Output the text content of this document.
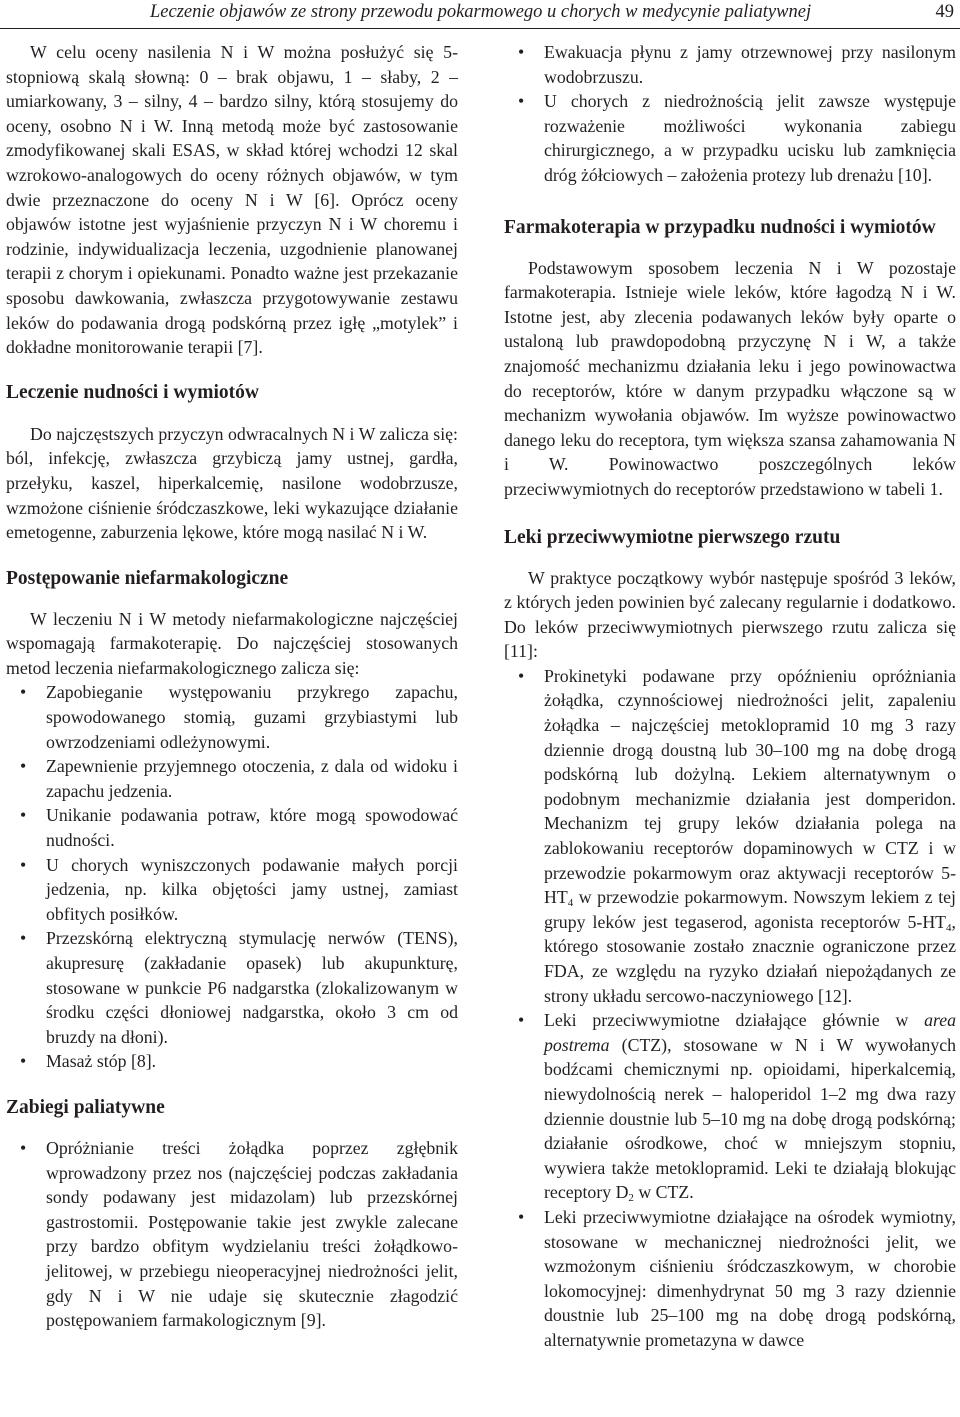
Leczenie objawów ze strony przewodu pokarmowego u chorych w medycynie paliatywnej	49

W celu oceny nasilenia N i W można posłużyć się 5-stopniową skalą słowną: 0 – brak objawu, 1 – słaby, 2 – umiarkowany, 3 – silny, 4 – bardzo silny, którą stosujemy do oceny, osobno N i W. Inną metodą może być zastosowanie zmodyfikowanej skali ESAS, w skład której wchodzi 12 skal wzrokowo-analogowych do oceny różnych objawów, w tym dwie przeznaczone do oceny N i W [6]. Oprócz oceny objawów istotne jest wyjaśnienie przyczyn N i W choremu i rodzinie, indywidualizacja leczenia, uzgodnienie planowanej terapii z chorym i opiekunami. Ponadto ważne jest przekazanie sposobu dawkowania, zwłaszcza przygotowywanie zestawu leków do podawania drogą podskórną przez igłę „motylek” i dokładne monitorowanie terapii [7].

Leczenie nudności i wymiotów

Do najczęstszych przyczyn odwracalnych N i W zalicza się: ból, infekcję, zwłaszcza grzybiczą jamy ustnej, gardła, przełyku, kaszel, hiperkalcemię, nasilone wodobrzusze, wzmożone ciśnienie śródczaszkowe, leki wykazujące działanie emetogenne, zaburzenia lękowe, które mogą nasilać N i W.

Postępowanie niefarmakologiczne

W leczeniu N i W metody niefarmakologiczne najczęściej wspomagają farmakoterapię. Do najczęściej stosowanych metod leczenia niefarmakologicznego zalicza się:

• Zapobieganie występowaniu przykrego zapachu, spowodowanego stomią, guzami grzybiastymi lub owrzodzeniami odleżynowymi.
• Zapewnienie przyjemnego otoczenia, z dala od widoku i zapachu jedzenia.
• Unikanie podawania potraw, które mogą spowodować nudności.
• U chorych wyniszczonych podawanie małych porcji jedzenia, np. kilka objętości jamy ustnej, zamiast obfitych posiłków.
• Przezskórną elektryczną stymulację nerwów (TENS), akupresurę (zakładanie opasek) lub akupunkturę, stosowane w punkcie P6 nadgarstka (zlokalizowanym w środku części dłoniowej nadgarstka, około 3 cm od bruzdy na dłoni).
• Masaż stóp [8].
Zabiegi paliatywne
• Opróżnianie treści żołądka poprzez zgłębnik wprowadzony przez nos (najczęściej podczas zakładania sondy podawany jest midazolam) lub przezskórnej gastrostomii. Postępowanie takie jest zwykle zalecane przy bardzo obfitym wydzielaniu treści żołądkowo-jelitowej, w przebiegu nieoperacyjnej niedrożności jelit, gdy N i W nie udaje się skutecznie złagodzić postępowaniem farmakologicznym [9].
• Ewakuacja płynu z jamy otrzewnowej przy nasilonym wodobrzuszu.
• U chorych z niedrożnością jelit zawsze występuje rozważenie możliwości wykonania zabiegu chirurgicznego, a w przypadku ucisku lub zamknięcia dróg żółciowych – założenia protezy lub drenażu [10].
Farmakoterapia w przypadku nudności i wymiotów

Podstawowym sposobem leczenia N i W pozostaje farmakoterapia. Istnieje wiele leków, które łagodzą N i W. Istotne jest, aby zlecenia podawanych leków były oparte o ustaloną lub prawdopodobną przyczynę N i W, a także znajomość mechanizmu działania leku i jego powinowactwa do receptorów, które w danym przypadku włączone są w mechanizm wywołania objawów. Im wyższe powinowactwo danego leku do receptora, tym większa szansa zahamowania N i W. Powinowactwo poszczególnych leków przeciwwymiotnych do receptorów przedstawiono w tabeli 1.

Leki przeciwwymiotne pierwszego rzutu

W praktyce początkowy wybór następuje spośród 3 leków, z których jeden powinien być zalecany regularnie i dodatkowo. Do leków przeciwwymiotnych pierwszego rzutu zalicza się [11]:

• Prokinetyki podawane przy opóźnieniu opróżniania żołądka, czynnościowej niedrożności jelit, zapaleniu żołądka – najczęściej metoklopramid 10 mg 3 razy dziennie drogą doustną lub 30–100 mg na dobę drogą podskórną lub dożylną. Lekiem alternatywnym o podobnym mechanizmie działania jest domperidon. Mechanizm tej grupy leków działania polega na zablokowaniu receptorów dopaminowych w CTZ i w przewodzie pokarmowym oraz aktywacji receptorów $5-HT_4$ w przewodzie pokarmowym. Nowszym lekiem z tej grupy leków jest tegaserod, agonista receptorów $5-HT_4$, którego stosowanie zostało znacznie ograniczone przez FDA, ze względu na ryzyko działań niepożądanych ze strony układu sercowo-naczyniowego [12].
• Leki przeciwwymiotne działające głównie w area postrema (CTZ), stosowane w N i W wywołanych bodźcami chemicznymi np. opioidami, hiperkalcemią, niewydolnością nerek – haloperidol 1–2 mg dwa razy dziennie doustnie lub 5–10 mg na dobę drogą podskórną; działanie ośrodkowe, choć w mniejszym stopniu, wywiera także metoklopramid. Leki te działają blokując receptory $D_2$ w CTZ.
• Leki przeciwwymiotne działające na ośrodek wymiotny, stosowane w mechanicznej niedrożności jelit, we wzmożonym ciśnieniu śródczaszkowym, w chorobie lokomocyjnej: dimenhydrynat 50 mg 3 razy dziennie doustnie lub 25–100 mg na dobę drogą podskórną, alternatywnie prometazyna w dawce
